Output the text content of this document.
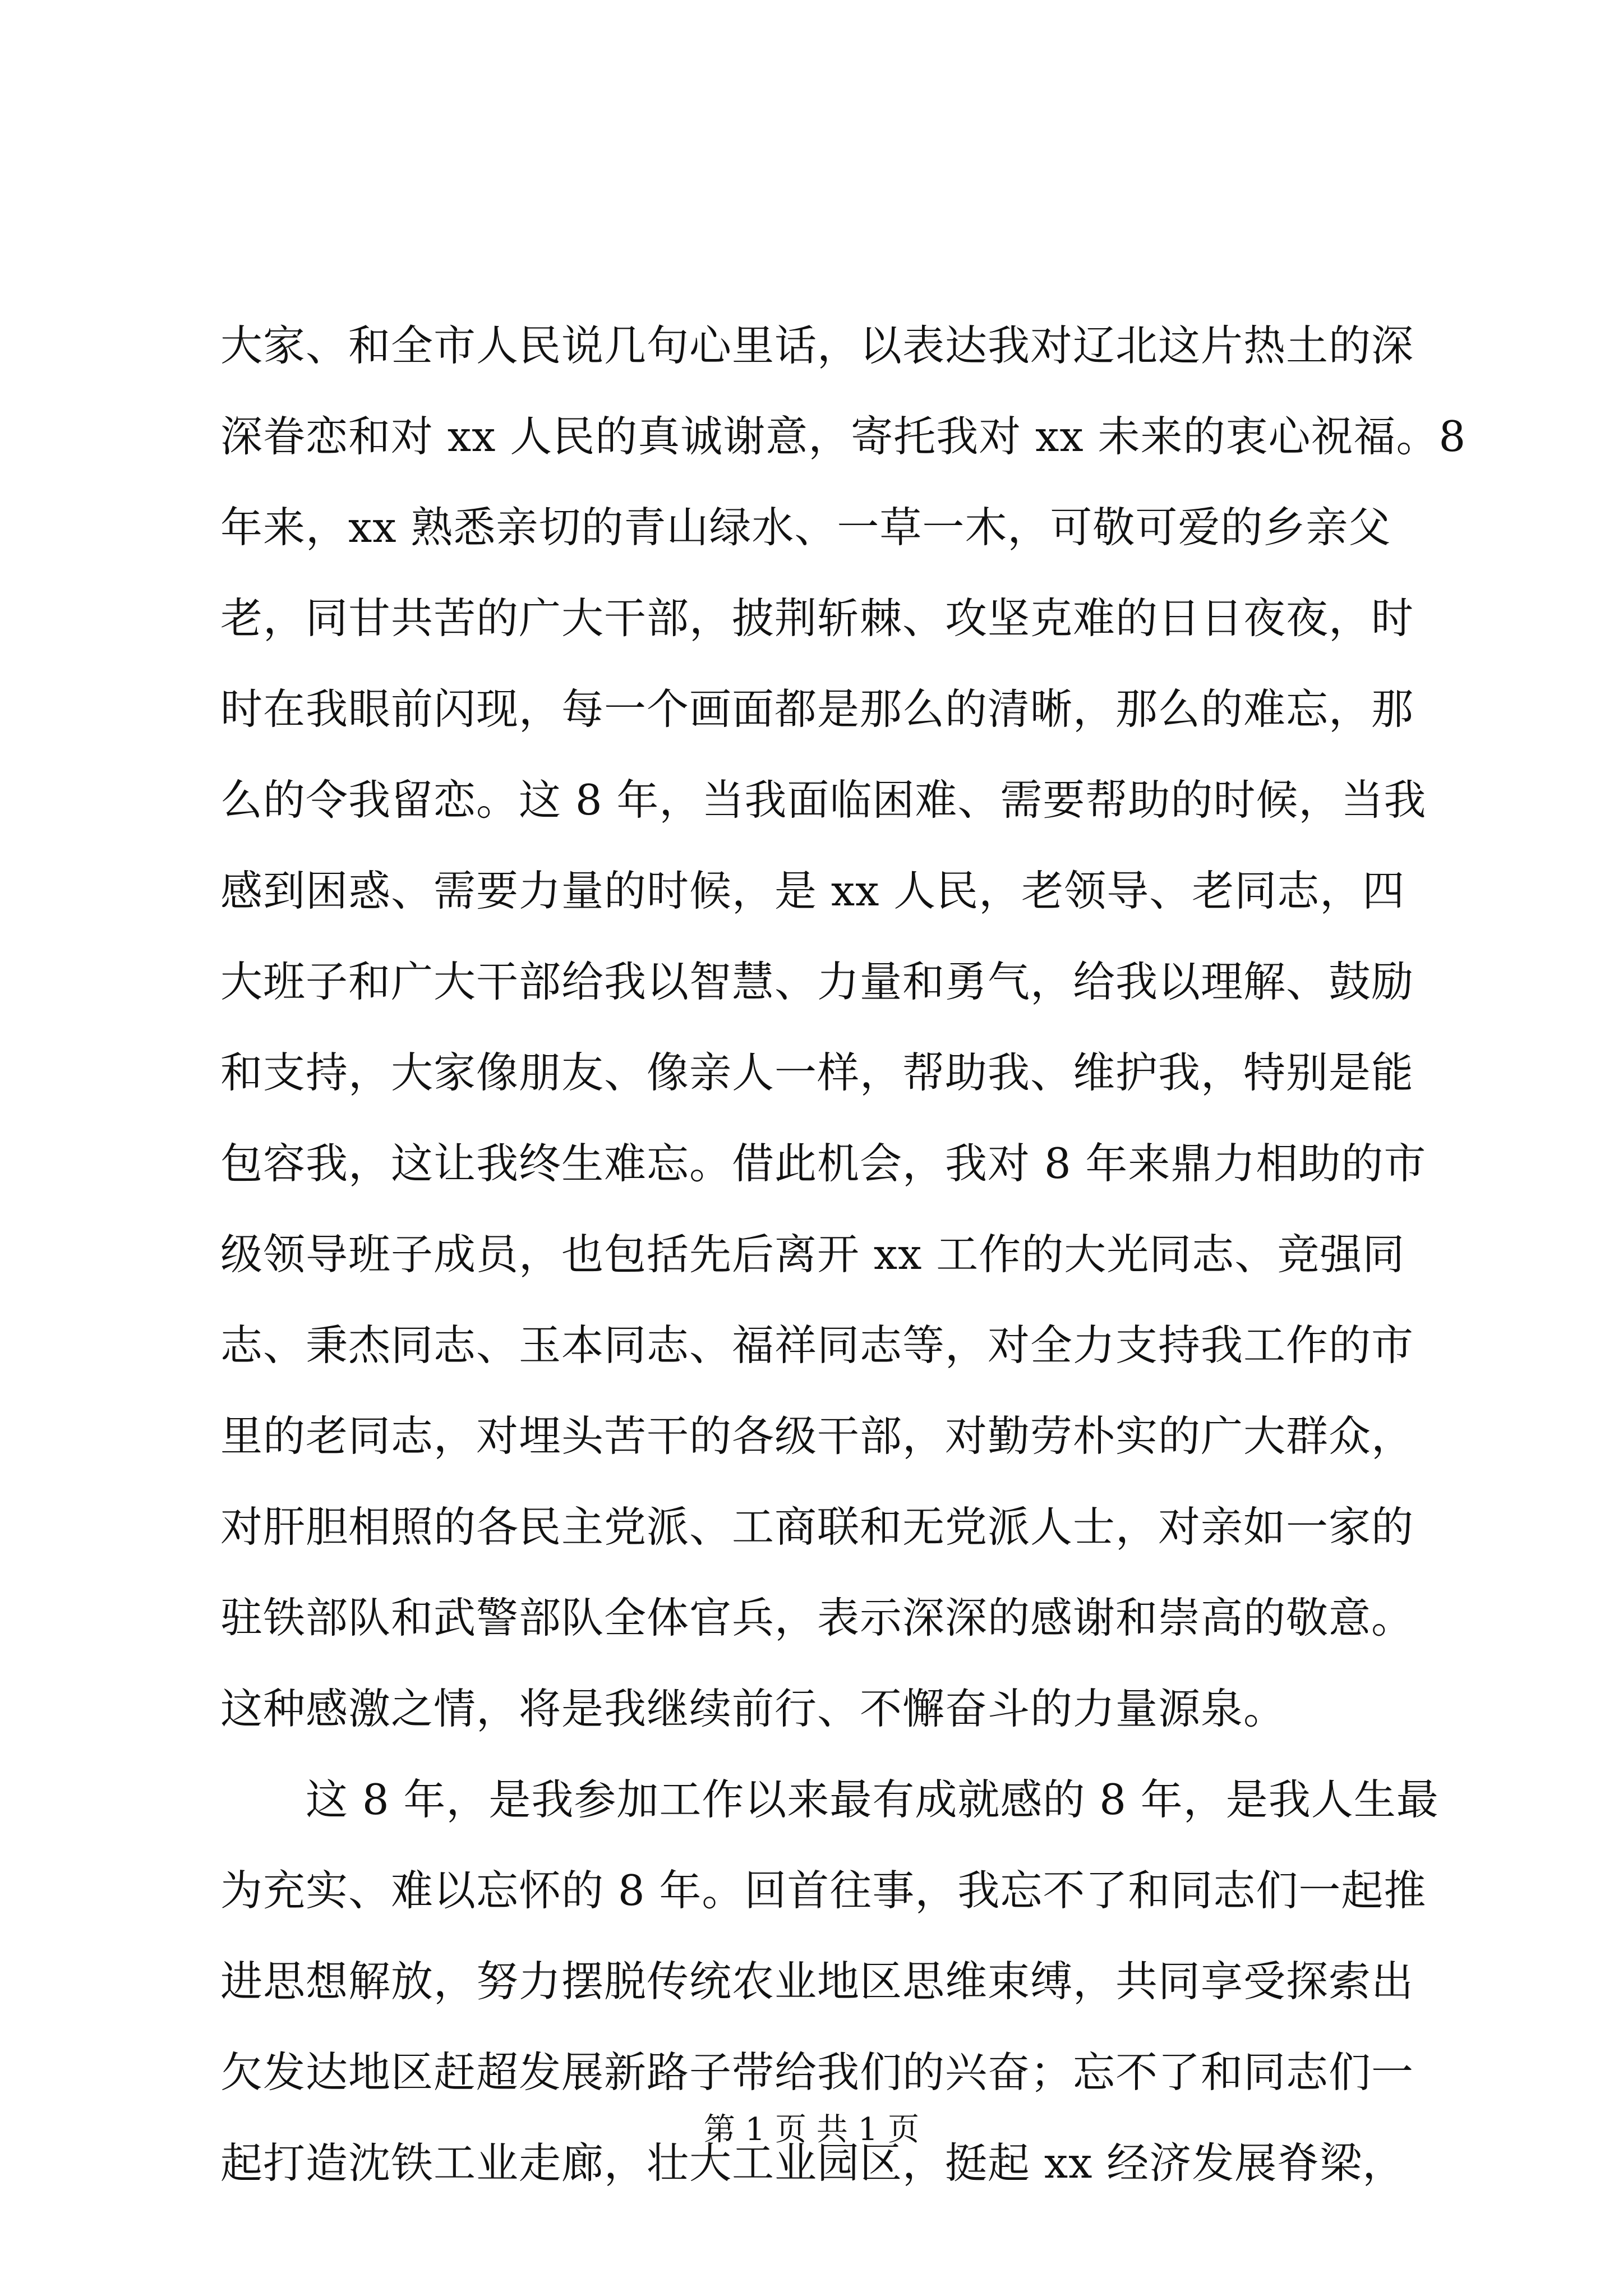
大家、和全市人民说几句心里话，以表达我对辽北这片热土的深
深眷恋和对 xx 人民的真诚谢意，寄托我对 xx 未来的衷心祝福。8
年来，xx 熟悉亲切的青山绿水、一草一木，可敬可爱的乡亲父
老，同甘共苦的广大干部，披荆斩棘、攻坚克难的日日夜夜，时
时在我眼前闪现，每一个画面都是那么的清晰，那么的难忘，那
么的令我留恋。这 8 年，当我面临困难、需要帮助的时候，当我
感到困惑、需要力量的时候，是 xx 人民，老领导、老同志，四
大班子和广大干部给我以智慧、力量和勇气，给我以理解、鼓励
和支持，大家像朋友、像亲人一样，帮助我、维护我，特别是能
包容我，这让我终生难忘。借此机会，我对 8 年来鼎力相助的市
级领导班子成员，也包括先后离开 xx 工作的大光同志、竞强同
志、秉杰同志、玉本同志、福祥同志等，对全力支持我工作的市
里的老同志，对埋头苦干的各级干部，对勤劳朴实的广大群众，
对肝胆相照的各民主党派、工商联和无党派人士，对亲如一家的
驻铁部队和武警部队全体官兵，表示深深的感谢和崇高的敬意。
这种感激之情，将是我继续前行、不懈奋斗的力量源泉。
这 8 年，是我参加工作以来最有成就感的 8 年，是我人生最
为充实、难以忘怀的 8 年。回首往事，我忘不了和同志们一起推
进思想解放，努力摆脱传统农业地区思维束缚，共同享受探索出
欠发达地区赶超发展新路子带给我们的兴奋；忘不了和同志们一
起打造沈铁工业走廊，壮大工业园区，挺起 xx 经济发展脊梁，
第 1 页 共 1 页
